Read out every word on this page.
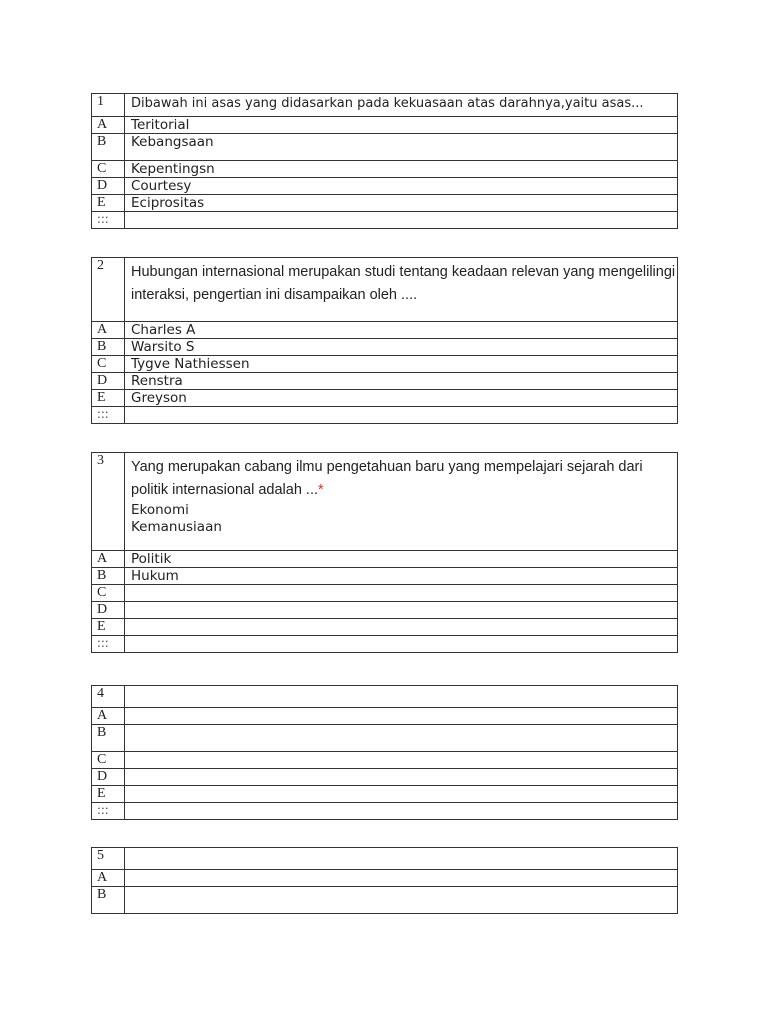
1	Dibawah ini asas yang didasarkan pada kekuasaan atas darahnya,yaitu asas...
A	Teritorial
B	Kebangsaan
C	Kepentingsn
D	Courtesy
E	Eciprositas
:::	
2	Hubungan internasional merupakan studi tentang keadaan relevan yang mengelilingi interaksi, pengertian ini disampaikan oleh ....
A	Charles A
B	Warsito S
C	Tygve Nathiessen
D	Renstra
E	Greyson
:::	
3	Yang merupakan cabang ilmu pengetahuan baru yang mempelajari sejarah dari politik internasional adalah ...*
Ekonomi
Kemanusiaan

A	Politik
B	Hukum
C	
D	
E	
:::	
4	
A	
B	
C	
D	
E	
:::	
5	
A	
B	
